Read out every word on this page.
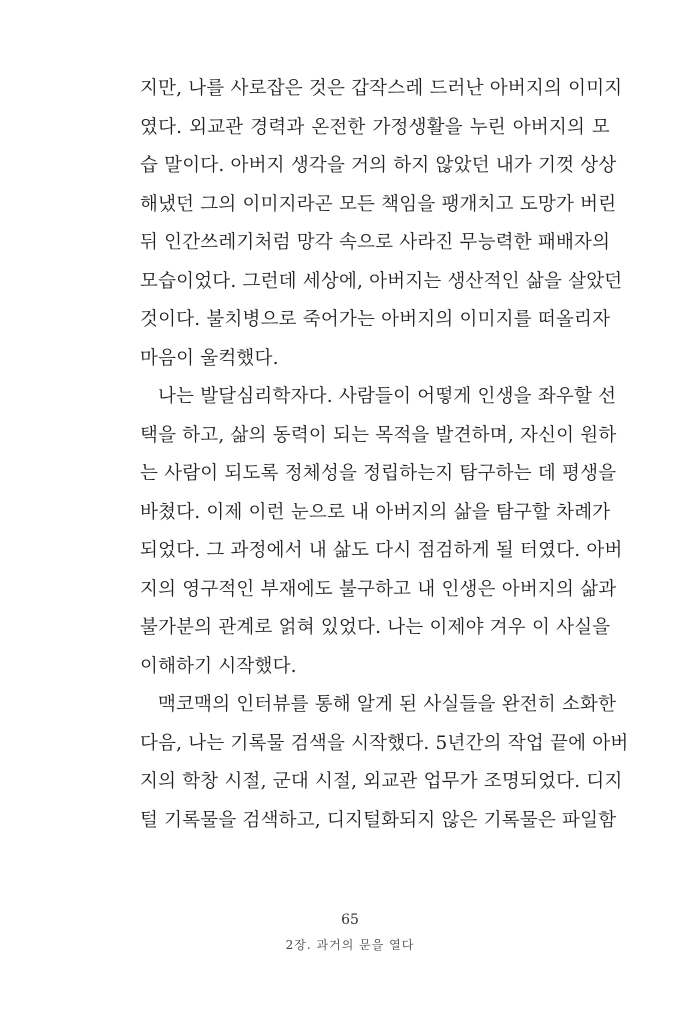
지만, 나를 사로잡은 것은 갑작스레 드러난 아버지의 이미지
였다. 외교관 경력과 온전한 가정생활을 누린 아버지의 모
습 말이다. 아버지 생각을 거의 하지 않았던 내가 기껏 상상
해냈던 그의 이미지라곤 모든 책임을 팽개치고 도망가 버린
뒤 인간쓰레기처럼 망각 속으로 사라진 무능력한 패배자의
모습이었다. 그런데 세상에, 아버지는 생산적인 삶을 살았던
것이다. 불치병으로 죽어가는 아버지의 이미지를 떠올리자
마음이 울컥했다.
나는 발달심리학자다. 사람들이 어떻게 인생을 좌우할 선
택을 하고, 삶의 동력이 되는 목적을 발견하며, 자신이 원하
는 사람이 되도록 정체성을 정립하는지 탐구하는 데 평생을
바쳤다. 이제 이런 눈으로 내 아버지의 삶을 탐구할 차례가
되었다. 그 과정에서 내 삶도 다시 점검하게 될 터였다. 아버
지의 영구적인 부재에도 불구하고 내 인생은 아버지의 삶과
불가분의 관계로 얽혀 있었다. 나는 이제야 겨우 이 사실을
이해하기 시작했다.
맥코맥의 인터뷰를 통해 알게 된 사실들을 완전히 소화한
다음, 나는 기록물 검색을 시작했다. 5년간의 작업 끝에 아버
지의 학창 시절, 군대 시절, 외교관 업무가 조명되었다. 디지
털 기록물을 검색하고, 디지털화되지 않은 기록물은 파일함
65
2장. 과거의 문을 열다
